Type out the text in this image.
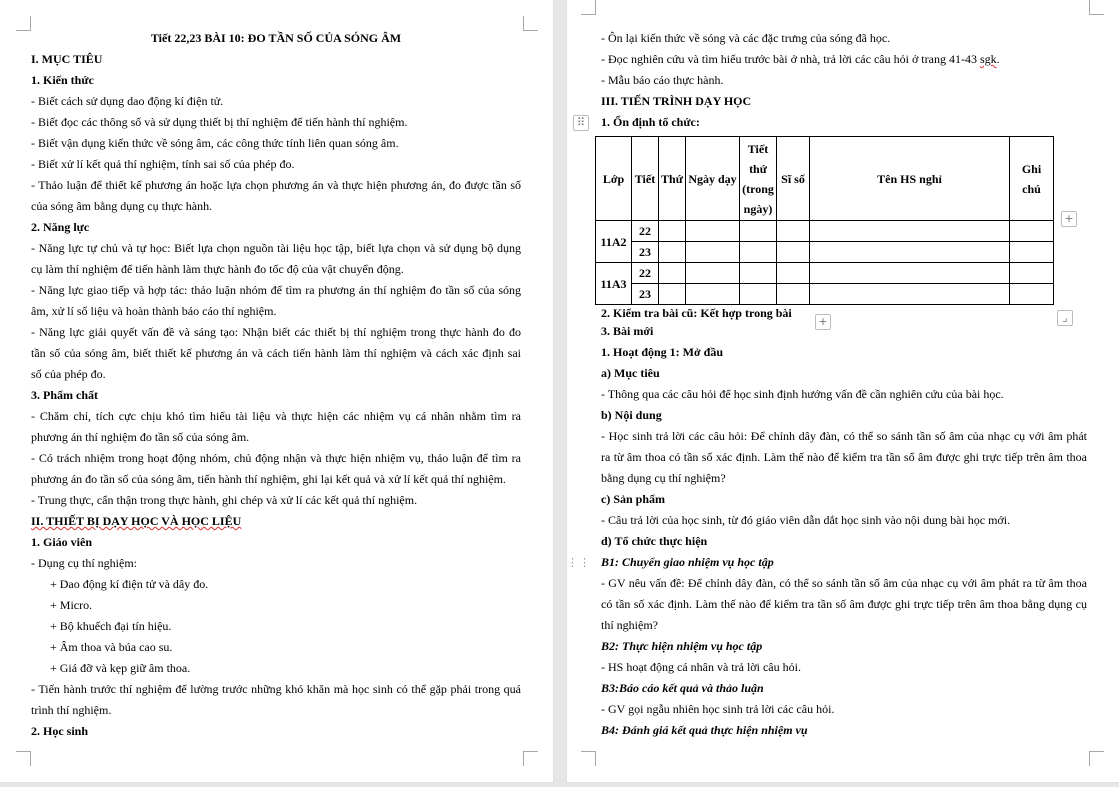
Tiết 22,23 BÀI 10: ĐO TẦN SỐ CỦA SÓNG ÂM
I. MỤC TIÊU
1. Kiến thức
- Biết cách sử dụng dao động kí điện tử.
- Biết đọc các thông số và sử dụng thiết bị thí nghiệm để tiến hành thí nghiệm.
- Biết vận dụng kiến thức về sóng âm, các công thức tính liên quan sóng âm.
- Biết xử lí kết quả thí nghiệm, tính sai số của phép đo.
- Thảo luận để thiết kế phương án hoặc lựa chọn phương án và thực hiện phương án, đo được tần số
của sóng âm bằng dụng cụ thực hành.
2. Năng lực
- Năng lực tự chủ và tự học: Biết lựa chọn nguồn tài liệu học tập, biết lựa chọn và sử dụng bộ dụng
cụ làm thí nghiệm để tiến hành làm thực hành đo tốc độ của vật chuyển động.
- Năng lực giao tiếp và hợp tác: thảo luận nhóm để tìm ra phương án thí nghiệm đo tần số của sóng
âm, xử lí số liệu và hoàn thành báo cáo thí nghiệm.
- Năng lực giải quyết vấn đề và sáng tạo: Nhận biết các thiết bị thí nghiệm trong thực hành đo đo
tần số của sóng âm, biết thiết kế phương án và cách tiến hành làm thí nghiệm và cách xác định sai
số của phép đo.
3. Phẩm chất
- Chăm chỉ, tích cực chịu khó tìm hiểu tài liệu và thực hiện các nhiệm vụ cá nhân nhằm tìm ra
phương án thí nghiệm đo tần số của sóng âm.
- Có trách nhiệm trong hoạt động nhóm, chủ động nhận và thực hiện nhiệm vụ, thảo luận để tìm ra
phương án đo tần số của sóng âm, tiến hành thí nghiệm, ghi lại kết quả và xử lí kết quả thí nghiệm.
- Trung thực, cẩn thận trong thực hành, ghi chép và xử lí các kết quả thí nghiệm.
II. THIẾT BỊ DẠY HỌC VÀ HỌC LIỆU
1. Giáo viên
- Dụng cụ thí nghiệm:
+ Dao động kí điện tử và dây đo.
+ Micro.
+ Bộ khuếch đại tín hiệu.
+ Âm thoa và búa cao su.
+ Giá đỡ và kẹp giữ âm thoa.
- Tiến hành trước thí nghiệm để lường trước những khó khăn mà học sinh có thể gặp phải trong quá
trình thí nghiệm.
2. Học sinh
⠿
+
+	⌟
⋮⋮
- Ôn lại kiến thức về sóng và các đặc trưng của sóng đã học.
- Đọc nghiên cứu và tìm hiểu trước bài ở nhà, trả lời các câu hỏi ở trang 41-43 sgk.
- Mẫu báo cáo thực hành.
III. TIẾN TRÌNH DẠY HỌC
1. Ổn định tổ chức:
Lớp	Tiết	Thứ	Ngày dạy	Tiết thứ (trong ngày)	Sĩ số	Tên HS nghỉ	Ghi chú
11A2	22						
	23						
11A3	22						
	23						
2. Kiểm tra bài cũ: Kết hợp trong bài
3. Bài mới
1. Hoạt động 1: Mở đầu
a) Mục tiêu
- Thông qua các câu hỏi để học sinh định hướng vấn đề cần nghiên cứu của bài học.
b) Nội dung
- Học sinh trả lời các câu hỏi: Để chỉnh dây đàn, có thể so sánh tần số âm của nhạc cụ với âm phát
ra từ âm thoa có tần số xác định. Làm thế nào để kiểm tra tần số âm được ghi trực tiếp trên âm thoa
bằng dụng cụ thí nghiệm?
c) Sản phẩm
- Câu trả lời của học sinh, từ đó giáo viên dẫn dắt học sinh vào nội dung bài học mới.
d) Tổ chức thực hiện
B1: Chuyển giao nhiệm vụ học tập
- GV nêu vấn đề: Để chỉnh dây đàn, có thể so sánh tần số âm của nhạc cụ với âm phát ra từ âm thoa
có tần số xác định. Làm thế nào để kiểm tra tần số âm được ghi trực tiếp trên âm thoa bằng dụng cụ
thí nghiệm?
B2: Thực hiện nhiệm vụ học tập
- HS hoạt động cá nhân và trả lời câu hỏi.
B3:Báo cáo kết quả và thảo luận
- GV gọi ngẫu nhiên học sinh trả lời các câu hỏi.
B4: Đánh giá kết quả thực hiện nhiệm vụ
